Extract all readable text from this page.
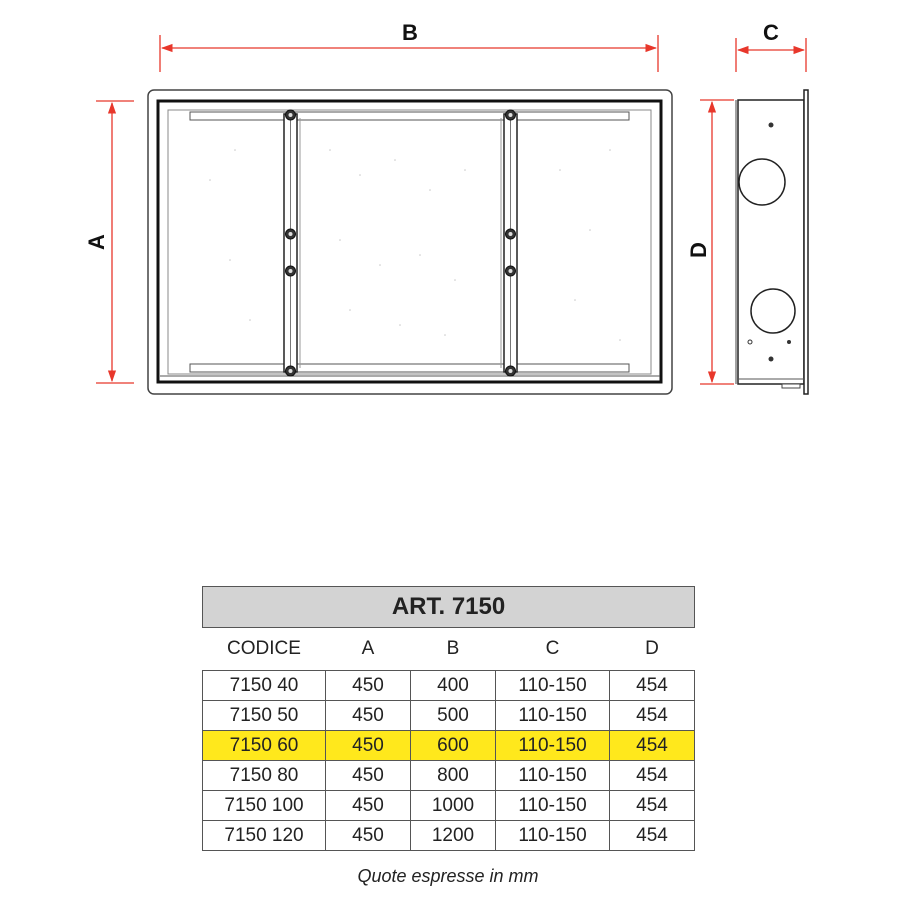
B	C
A
D
ART. 7150				
CODICE	A	B	C	D
7150 40	450	400	110-150	454
7150 50	450	500	110-150	454
7150 60	450	600	110-150	454
7150 80	450	800	110-150	454
7150 100	450	1000	110-150	454
7150 120	450	1200	110-150	454
Quote espresse in mm
